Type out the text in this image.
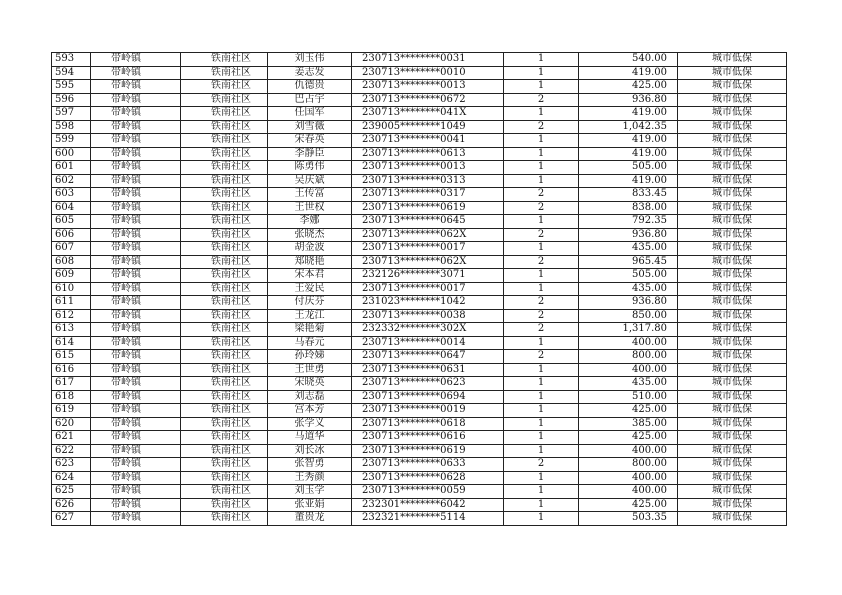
593	带岭镇	铁南社区	刘玉伟	230713********0031	1	540.00	城市低保
594	带岭镇	铁南社区	姜志发	230713********0010	1	419.00	城市低保
595	带岭镇	铁南社区	仇德贵	230713********0013	1	425.00	城市低保
596	带岭镇	铁南社区	巴占宇	230713********0672	2	936.80	城市低保
597	带岭镇	铁南社区	任国军	230713********041X	1	419.00	城市低保
598	带岭镇	铁南社区	刘雪薇	239005********1049	2	1,042.35	城市低保
599	带岭镇	铁南社区	宋春英	230713********0041	1	419.00	城市低保
600	带岭镇	铁南社区	李静臣	230713********0613	1	419.00	城市低保
601	带岭镇	铁南社区	陈勇伟	230713********0013	1	505.00	城市低保
602	带岭镇	铁南社区	吴庆斌	230713********0313	1	419.00	城市低保
603	带岭镇	铁南社区	王传富	230713********0317	2	833.45	城市低保
604	带岭镇	铁南社区	王世权	230713********0619	2	838.00	城市低保
605	带岭镇	铁南社区	李娜	230713********0645	1	792.35	城市低保
606	带岭镇	铁南社区	张晓杰	230713********062X	2	936.80	城市低保
607	带岭镇	铁南社区	胡金波	230713********0017	1	435.00	城市低保
608	带岭镇	铁南社区	郑晓艳	230713********062X	2	965.45	城市低保
609	带岭镇	铁南社区	宋本君	232126********3071	1	505.00	城市低保
610	带岭镇	铁南社区	王爱民	230713********0017	1	435.00	城市低保
611	带岭镇	铁南社区	付庆芬	231023********1042	2	936.80	城市低保
612	带岭镇	铁南社区	王龙江	230713********0038	2	850.00	城市低保
613	带岭镇	铁南社区	梁艳菊	232332********302X	2	1,317.80	城市低保
614	带岭镇	铁南社区	马春元	230713********0014	1	400.00	城市低保
615	带岭镇	铁南社区	孙玲娣	230713********0647	2	800.00	城市低保
616	带岭镇	铁南社区	王世勇	230713********0631	1	400.00	城市低保
617	带岭镇	铁南社区	宋晓英	230713********0623	1	435.00	城市低保
618	带岭镇	铁南社区	刘志磊	230713********0694	1	510.00	城市低保
619	带岭镇	铁南社区	宫本芳	230713********0019	1	425.00	城市低保
620	带岭镇	铁南社区	张学义	230713********0618	1	385.00	城市低保
621	带岭镇	铁南社区	马道华	230713********0616	1	425.00	城市低保
622	带岭镇	铁南社区	刘长冰	230713********0619	1	400.00	城市低保
623	带岭镇	铁南社区	张智勇	230713********0633	2	800.00	城市低保
624	带岭镇	铁南社区	王秀颜	230713********0628	1	400.00	城市低保
625	带岭镇	铁南社区	刘玉学	230713********0059	1	400.00	城市低保
626	带岭镇	铁南社区	张亚娟	232301********6042	1	425.00	城市低保
627	带岭镇	铁南社区	董贵龙	232321********5114	1	503.35	城市低保
